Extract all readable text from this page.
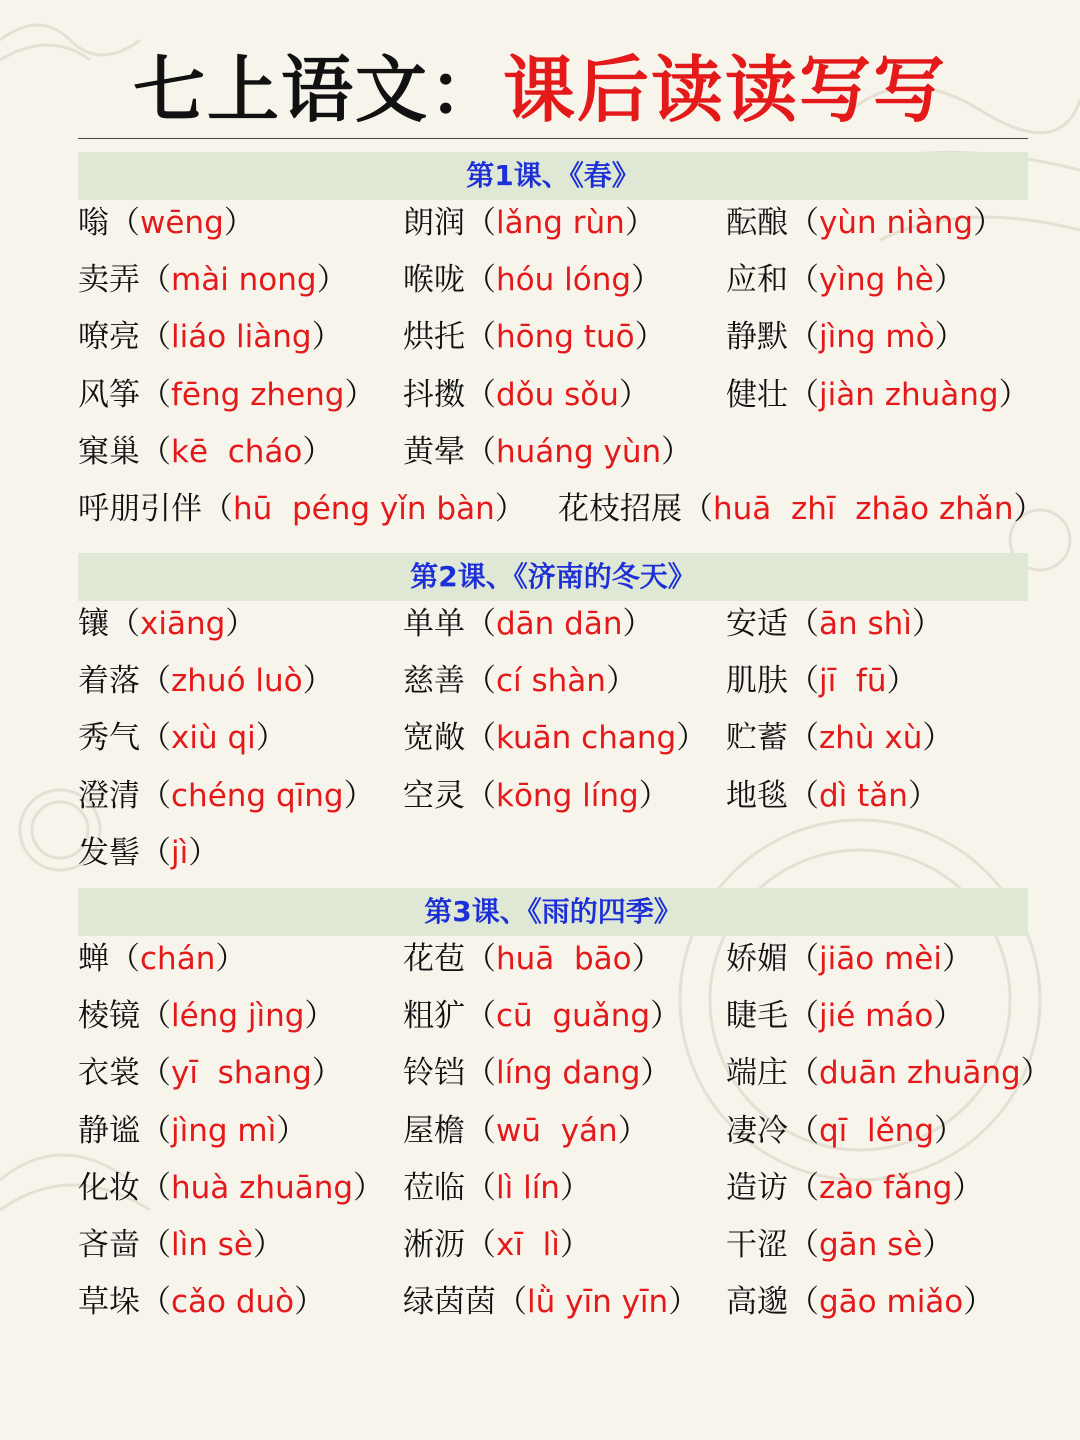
七上语文：课后读读写写
第1课、《春》
嗡（wēng）	朗润（lǎng rùn） 酝酿（yùn niàng）
卖弄（mài nong） 喉咙（hóu lóng） 应和（yìng hè）
嘹亮（liáo liàng） 烘托（hōng tuō） 静默（jìng mò）
风筝（fēng zheng） 抖擞（dǒu sǒu） 健壮（jiàn zhuàng）
窠巢（kē  cháo） 黄晕（huáng yùn）
呼朋引伴（hū  péng yǐn bàn） 花枝招展（huā  zhī  zhāo zhǎn）
第2课、《济南的冬天》
镶（xiāng）	单单（dān dān） 安适（ān shì）
着落（zhuó luò） 慈善（cí shàn）	肌肤（jī  fū）
秀气（xiù qi）	宽敞（kuān chang） 贮蓄（zhù xù）
澄清（chéng qīng） 空灵（kōng líng） 地毯（dì tǎn）
发髻（jì）
第3课、《雨的四季》
蝉（chán）	花苞（huā  bāo） 娇媚（jiāo mèi）
棱镜（léng jìng） 粗犷（cū  guǎng） 睫毛（jié máo）
衣裳（yī  shang） 铃铛（líng dang） 端庄（duān zhuāng）
静谧（jìng mì）	屋檐（wū  yán） 凄冷（qī  lěng）
化妆（huà zhuāng） 莅临（lì lín）	造访（zào fǎng）
吝啬（lìn sè）	淅沥（xī  lì）	干涩（gān sè）
草垛（cǎo duò）	绿茵茵（lǜ yīn yīn） 高邈（gāo miǎo）
